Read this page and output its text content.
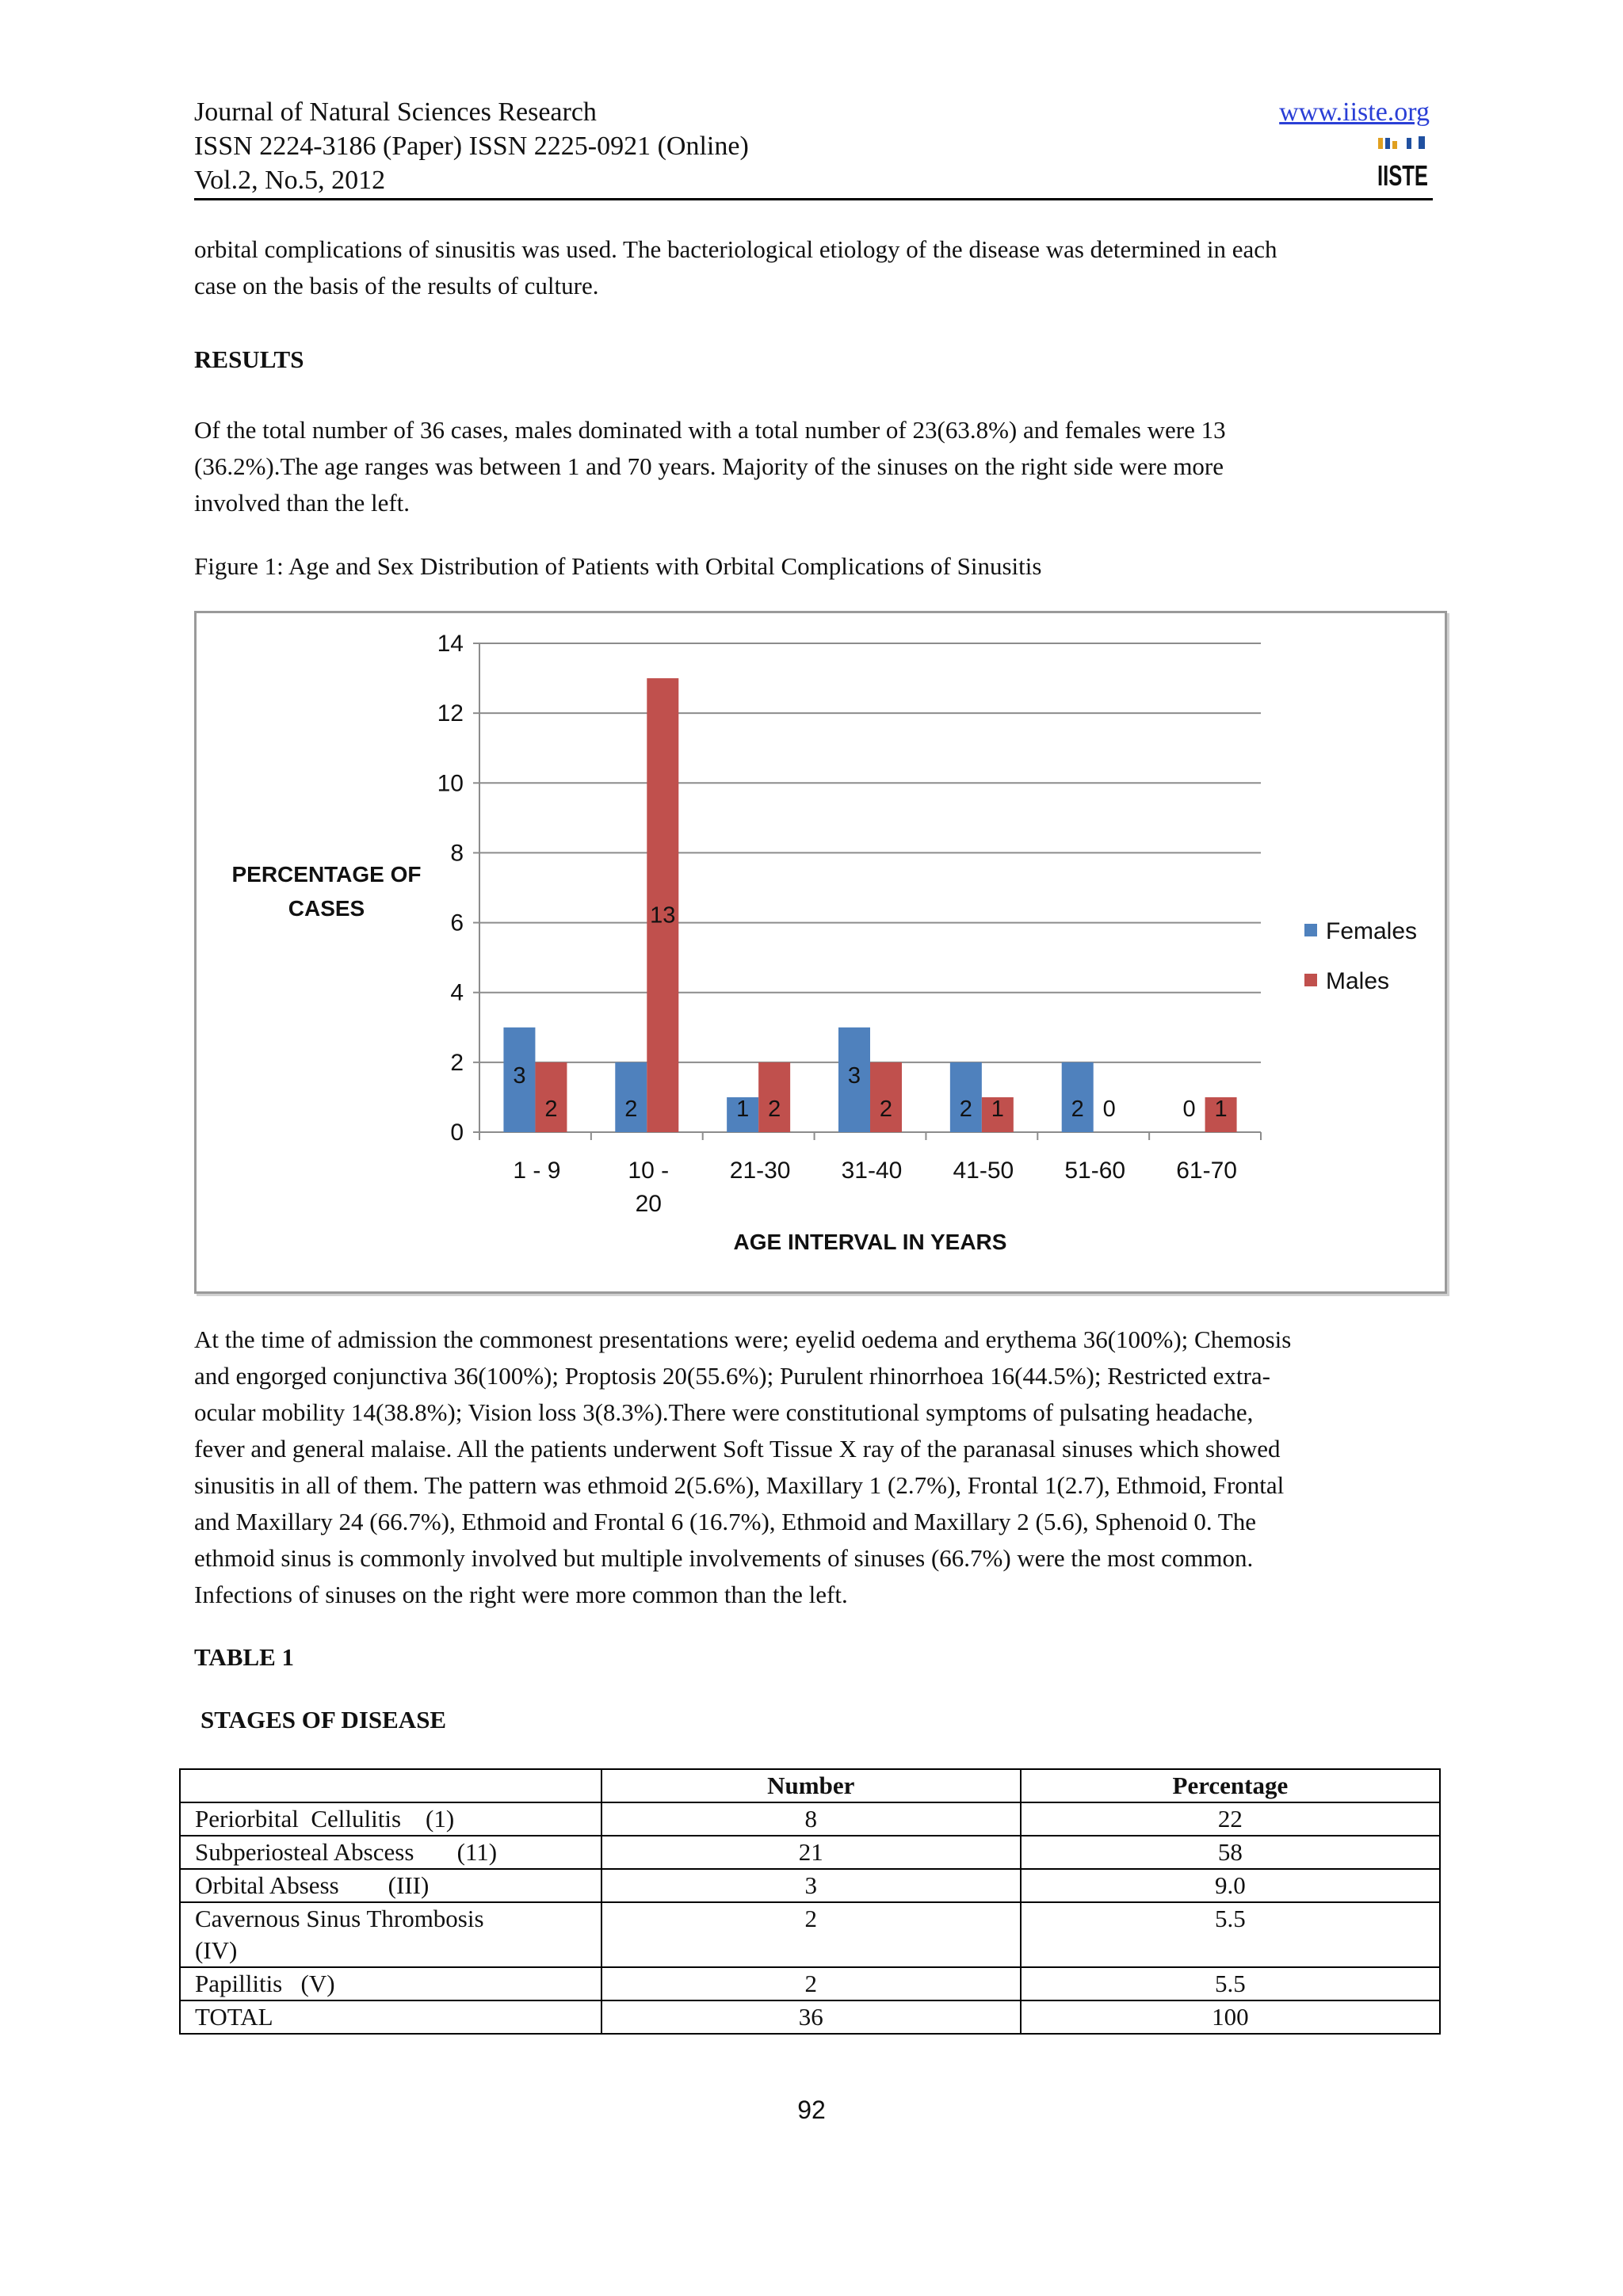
Journal of Natural Sciences Research
ISSN 2224-3186 (Paper) ISSN 2225-0921 (Online)
Vol.2, No.5, 2012
www.iiste.org
IISTE
orbital complications of sinusitis was used. The bacteriological etiology of the disease was determined in each
case on the basis of the results of culture.
RESULTS
Of the total number of 36 cases, males dominated with a total number of 23(63.8%) and females were 13
(36.2%).The age ranges was between 1 and 70 years. Majority of the sinuses on the right side were more
involved than the left.
Figure 1: Age and Sex Distribution of Patients with Orbital Complications of Sinusitis
0
2
4
6
8
10
12
14
3
2
1 - 9
2
13
10 -
20
1 2
21-30
3
2
31-40
2 1
41-50
2 0
51-60
0 1
61-70
PERCENTAGE OF
CASES
AGE INTERVAL IN YEARS
Females
Males
At the time of admission the commonest presentations were; eyelid oedema and erythema 36(100%); Chemosis
and engorged conjunctiva 36(100%); Proptosis 20(55.6%); Purulent rhinorrhoea 16(44.5%); Restricted extra-
ocular mobility 14(38.8%); Vision loss 3(8.3%).There were constitutional symptoms of pulsating headache,
fever and general malaise. All the patients underwent Soft Tissue X ray of the paranasal sinuses which showed
sinusitis in all of them. The pattern was ethmoid 2(5.6%), Maxillary 1 (2.7%), Frontal 1(2.7), Ethmoid, Frontal
and Maxillary 24 (66.7%), Ethmoid and Frontal 6 (16.7%), Ethmoid and Maxillary 2 (5.6), Sphenoid 0. The
ethmoid sinus is commonly involved but multiple involvements of sinuses (66.7%) were the most common.
Infections of sinuses on the right were more common than the left.
TABLE 1
STAGES OF DISEASE
	Number	Percentage
Periorbital  Cellulitis    (1)	8	22
Subperiosteal Abscess       (11)	21	58
Orbital Absess        (III)	3	9.0

Cavernous Sinus Thrombosis
(IV)	2	5.5
Papillitis   (V)	2	5.5
TOTAL	36	100
92
